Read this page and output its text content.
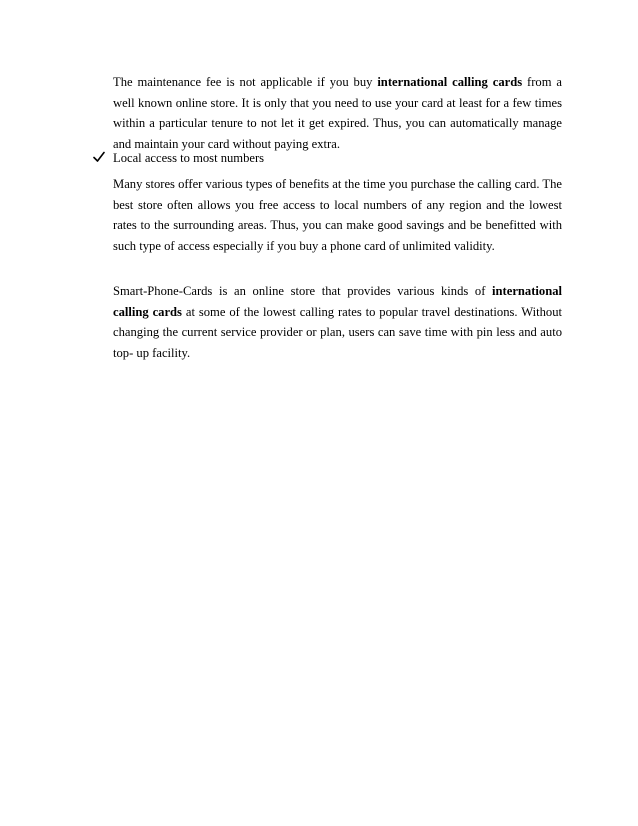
The maintenance fee is not applicable if you buy international calling cards from a well known online store. It is only that you need to use your card at least for a few times within a particular tenure to not let it get expired. Thus, you can automatically manage and maintain your card without paying extra.

Local access to most numbers

Many stores offer various types of benefits at the time you purchase the calling card. The best store often allows you free access to local numbers of any region and the lowest rates to the surrounding areas. Thus, you can make good savings and be benefitted with such type of access especially if you buy a phone card of unlimited validity.

Smart-Phone-Cards is an online store that provides various kinds of international calling cards at some of the lowest calling rates to popular travel destinations. Without changing the current service provider or plan, users can save time with pin less and auto top- up facility.
